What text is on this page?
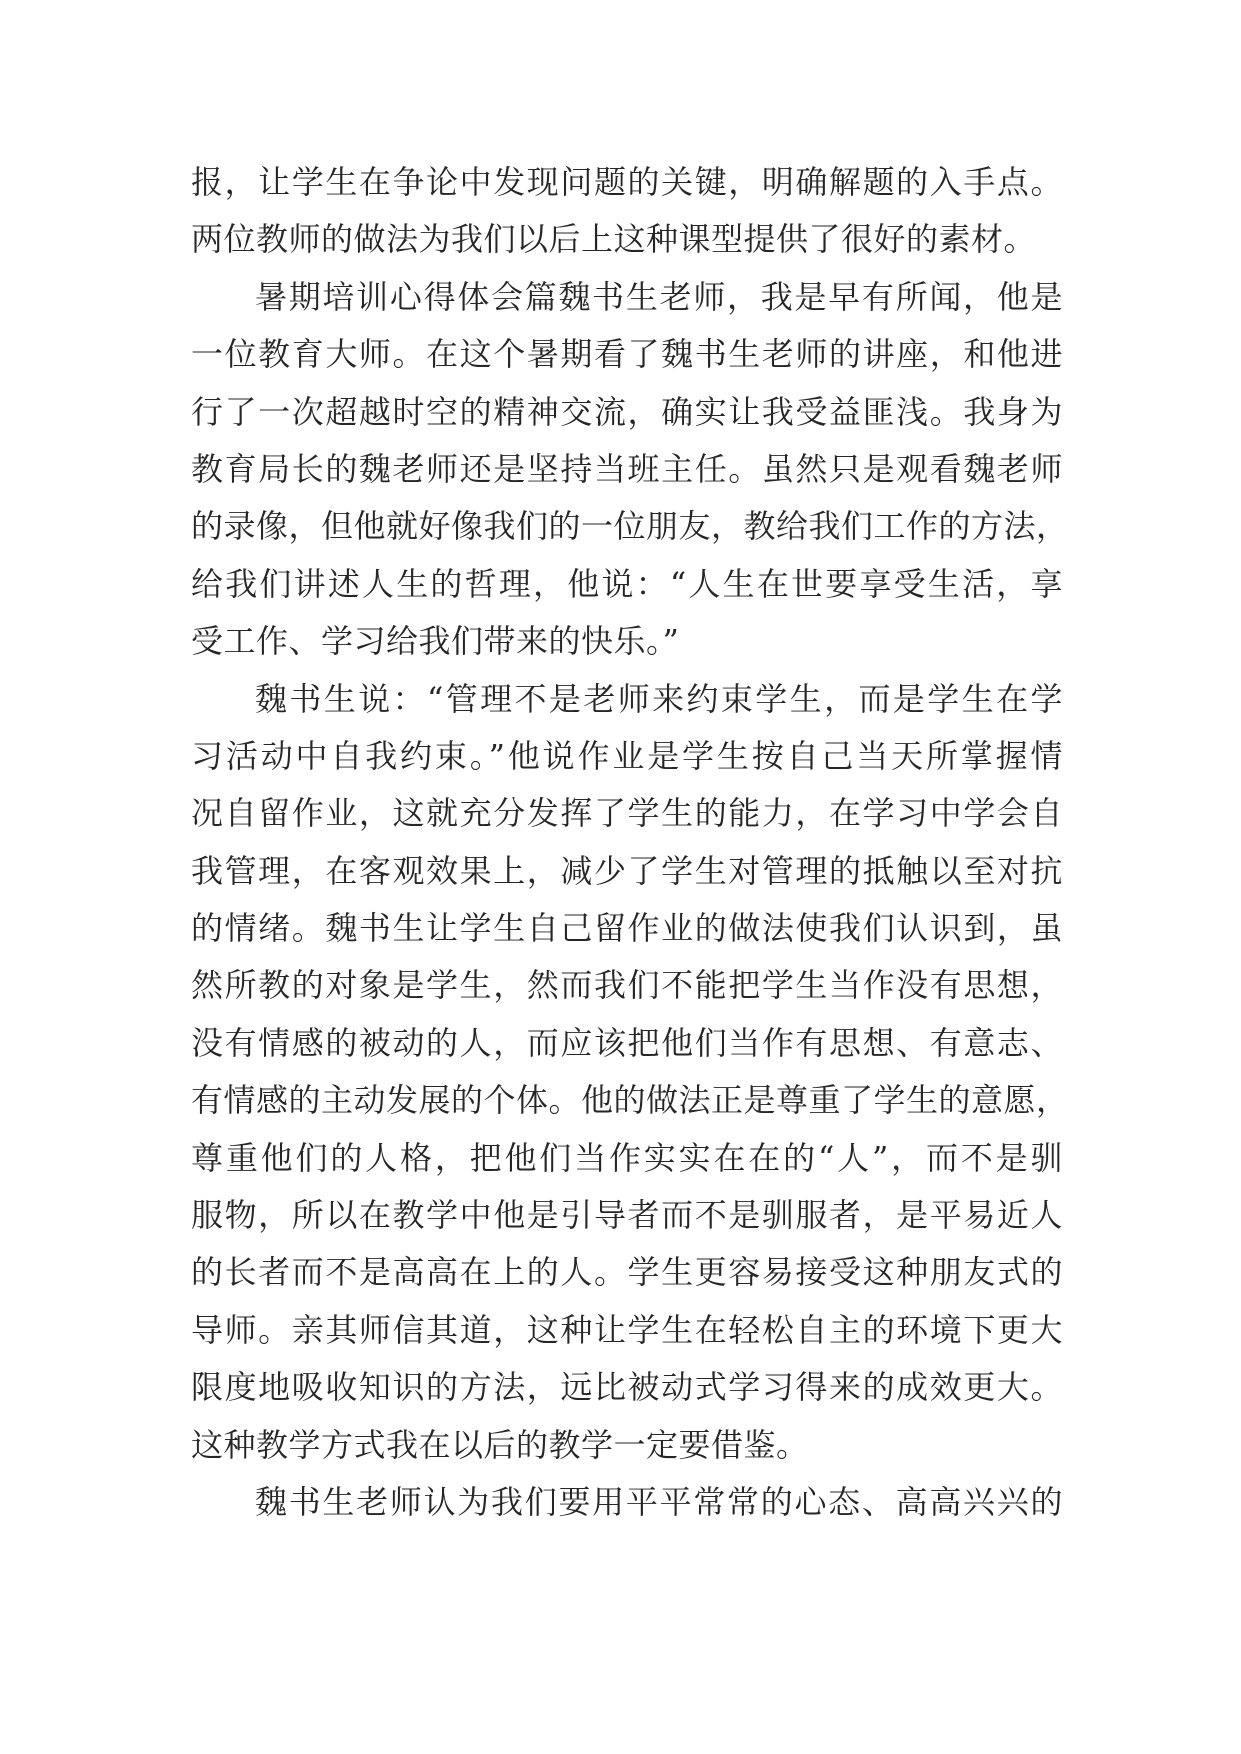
报，让学生在争论中发现问题的关键，明确解题的入手点。
两位教师的做法为我们以后上这种课型提供了很好的素材。
暑期培训心得体会篇魏书生老师，我是早有所闻，他是
一位教育大师。在这个暑期看了魏书生老师的讲座，和他进
行了一次超越时空的精神交流，确实让我受益匪浅。我身为
教育局长的魏老师还是坚持当班主任。虽然只是观看魏老师
的录像，但他就好像我们的一位朋友，教给我们工作的方法，
给我们讲述人生的哲理，他说：“人生在世要享受生活，享
受工作、学习给我们带来的快乐。”
魏书生说：“管理不是老师来约束学生，而是学生在学
习活动中自我约束。”他说作业是学生按自己当天所掌握情
况自留作业，这就充分发挥了学生的能力，在学习中学会自
我管理，在客观效果上，减少了学生对管理的抵触以至对抗
的情绪。魏书生让学生自己留作业的做法使我们认识到，虽
然所教的对象是学生，然而我们不能把学生当作没有思想，
没有情感的被动的人，而应该把他们当作有思想、有意志、
有情感的主动发展的个体。他的做法正是尊重了学生的意愿，
尊重他们的人格，把他们当作实实在在的“人”，而不是驯
服物，所以在教学中他是引导者而不是驯服者，是平易近人
的长者而不是高高在上的人。学生更容易接受这种朋友式的
导师。亲其师信其道，这种让学生在轻松自主的环境下更大
限度地吸收知识的方法，远比被动式学习得来的成效更大。
这种教学方式我在以后的教学一定要借鉴。
魏书生老师认为我们要用平平常常的心态、高高兴兴的
